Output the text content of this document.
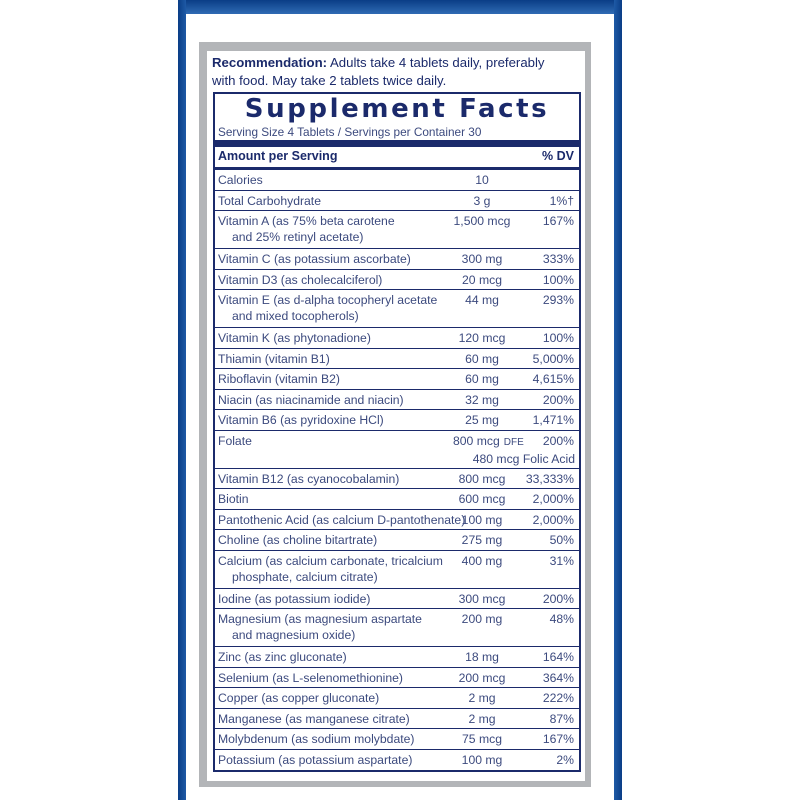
Recommendation: Adults take 4 tablets daily, preferably
with food. May take 2 tablets twice daily.
Supplement Facts
Serving Size 4 Tablets / Servings per Container 30
Amount per Serving	% DV
Calories	10
Total Carbohydrate	3 g	1%†
Vitamin A (as 75% beta carotene
and 25% retinyl acetate)
1,500 mcg	167%
Vitamin C (as potassium ascorbate)	300 mg	333%
Vitamin D3 (as cholecalciferol)	20 mcg	100%
Vitamin E (as d-alpha tocopheryl acetate
and mixed tocopherols)
44 mg	293%
Vitamin K (as phytonadione)	120 mcg	100%
Thiamin (vitamin B1)	60 mg	5,000%
Riboflavin (vitamin B2)	60 mg	4,615%
Niacin (as niacinamide and niacin)	32 mg	200%
Vitamin B6 (as pyridoxine HCl)	25 mg	1,471%
Folate	800 mcg DFE 200%
480 mcg Folic Acid
Vitamin B12 (as cyanocobalamin)	800 mcg	33,333%
Biotin	600 mcg	2,000%
Pantothenic Acid (as calcium D-pantothenate)
100 mg	2,000%
Choline (as choline bitartrate)	275 mg	50%
Calcium (as calcium carbonate, tricalcium
phosphate, calcium citrate)
400 mg	31%
Iodine (as potassium iodide)	300 mcg	200%
Magnesium (as magnesium aspartate
and magnesium oxide)
200 mg	48%
Zinc (as zinc gluconate)	18 mg	164%
Selenium (as L-selenomethionine)	200 mcg	364%
Copper (as copper gluconate)	2 mg	222%
Manganese (as manganese citrate)	2 mg	87%
Molybdenum (as sodium molybdate)	75 mcg	167%
Potassium (as potassium aspartate)	100 mg	2%
